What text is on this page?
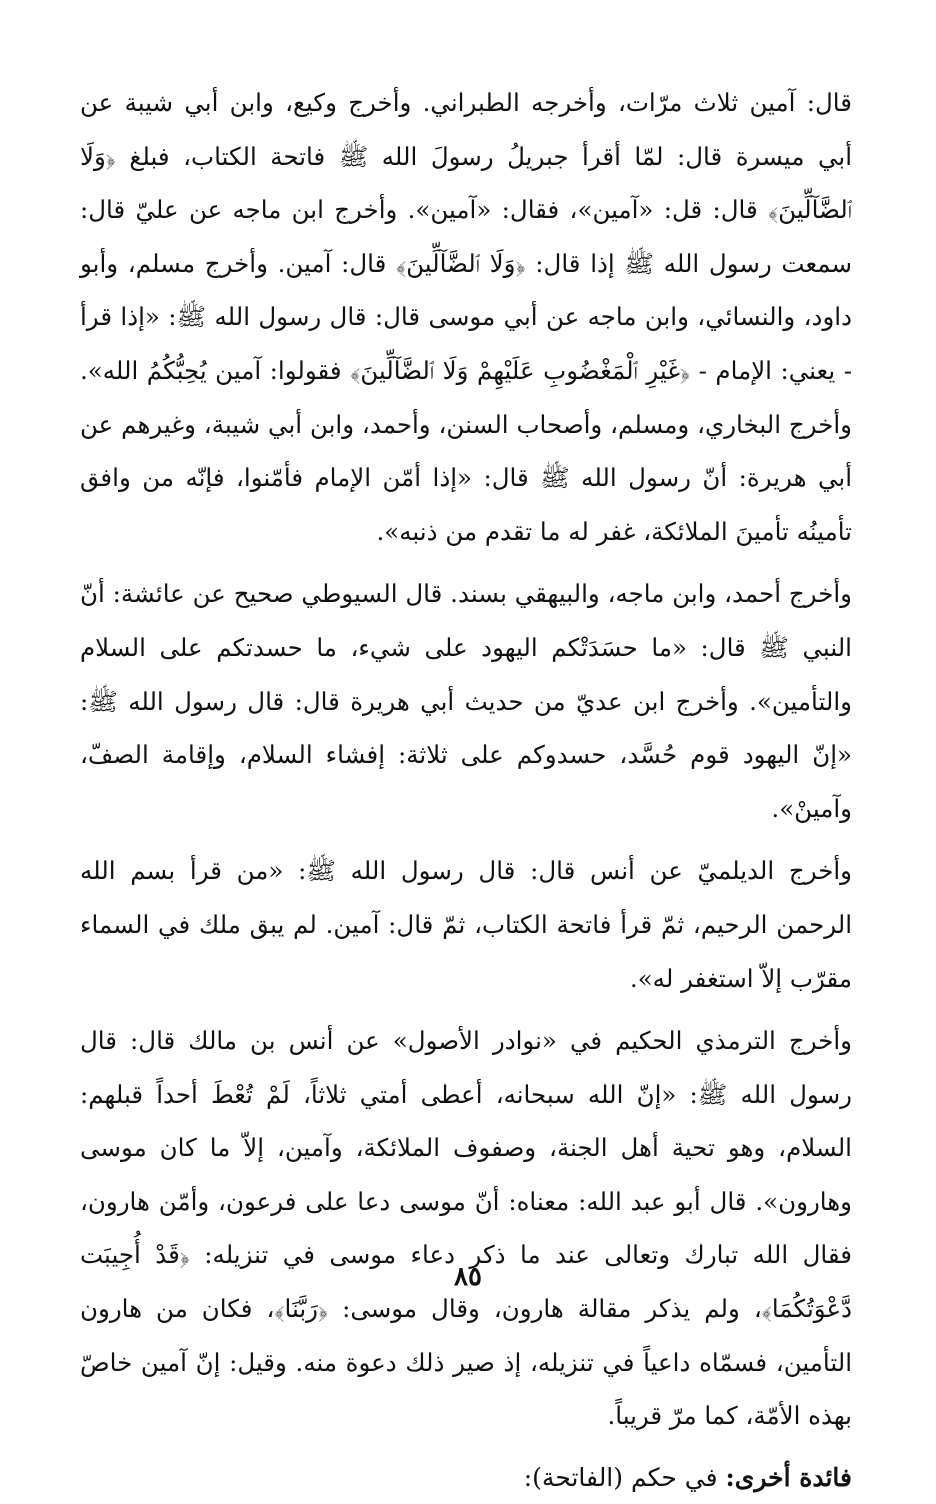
قال: آمين ثلاث مرّات، وأخرجه الطبراني. وأخرج وكيع، وابن أبي شيبة عن أبي ميسرة قال: لمّا أقرأ جبريلُ رسولَ الله ﷺ فاتحة الكتاب، فبلغ ﴿وَلَا ٱلضَّآلِّينَ﴾ قال: قل: «آمين»، فقال: «آمين». وأخرج ابن ماجه عن عليّ قال: سمعت رسول الله ﷺ إذا قال: ﴿وَلَا ٱلضَّآلِّينَ﴾ قال: آمين. وأخرج مسلم، وأبو داود، والنسائي، وابن ماجه عن أبي موسى قال: قال رسول الله ﷺ: «إذا قرأ - يعني: الإمام - ﴿غَيْرِ ٱلْمَغْضُوبِ عَلَيْهِمْ وَلَا ٱلضَّآلِّينَ﴾ فقولوا: آمين يُحِبُّكُمُ الله». وأخرج البخاري، ومسلم، وأصحاب السنن، وأحمد، وابن أبي شيبة، وغيرهم عن أبي هريرة: أنّ رسول الله ﷺ قال: «إذا أمّن الإمام فأمّنوا، فإنّه من وافق تأمينُه تأمينَ الملائكة، غفر له ما تقدم من ذنبه».

وأخرج أحمد، وابن ماجه، والبيهقي بسند. قال السيوطي صحيح عن عائشة: أنّ النبي ﷺ قال: «ما حسَدَتْكم اليهود على شيء، ما حسدتكم على السلام والتأمين». وأخرج ابن عديّ من حديث أبي هريرة قال: قال رسول الله ﷺ: «إنّ اليهود قوم حُسَّد، حسدوكم على ثلاثة: إفشاء السلام، وإقامة الصفّ، وآمينْ».

وأخرج الديلميّ عن أنس قال: قال رسول الله ﷺ: «من قرأ بسم الله الرحمن الرحيم، ثمّ قرأ فاتحة الكتاب، ثمّ قال: آمين. لم يبق ملك في السماء مقرّب إلاّ استغفر له».

وأخرج الترمذي الحكيم في «نوادر الأصول» عن أنس بن مالك قال: قال رسول الله ﷺ: «إنّ الله سبحانه، أعطى أمتي ثلاثاً، لَمْ تُعْطَ أحداً قبلهم: السلام، وهو تحية أهل الجنة، وصفوف الملائكة، وآمين، إلاّ ما كان موسى وهارون». قال أبو عبد الله: معناه: أنّ موسى دعا على فرعون، وأمّن هارون، فقال الله تبارك وتعالى عند ما ذكر دعاء موسى في تنزيله: ﴿قَدْ أُجِيبَت دَّعْوَتُكُمَا﴾، ولم يذكر مقالة هارون، وقال موسى: ﴿رَبَّنَا﴾، فكان من هارون التأمين، فسمّاه داعياً في تنزيله، إذ صير ذلك دعوة منه. وقيل: إنّ آمين خاصّ بهذه الأمّة، كما مرّ قريباً.

فائدة أخرى: في حكم (الفاتحة):
٨٥
